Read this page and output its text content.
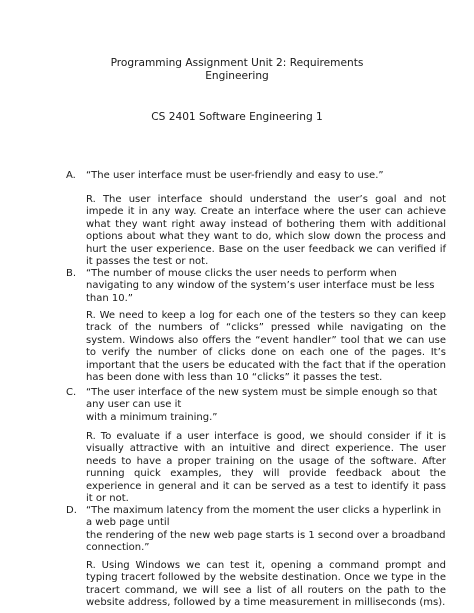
Programming Assignment Unit 2: Requirements
Engineering
CS 2401 Software Engineering 1
A. “The user interface must be user-friendly and easy to use.”
R. The user interface should understand the user’s goal and not
impede it in any way. Create an interface where the user can achieve
what they want right away instead of bothering them with additional
options about what they want to do, which slow down the process and
hurt the user experience. Base on the user feedback we can verified if
it passes the test or not.
B. “The number of mouse clicks the user needs to perform when
navigating to any window of the system’s user interface must be less
than 10.”
R. We need to keep a log for each one of the testers so they can keep
track of the numbers of “clicks” pressed while navigating on the
system. Windows also offers the “event handler” tool that we can use
to verify the number of clicks done on each one of the pages. It’s
important that the users be educated with the fact that if the operation
has been done with less than 10 “clicks” it passes the test.
C. “The user interface of the new system must be simple enough so that
any user can use it
with a minimum training.”
R. To evaluate if a user interface is good, we should consider if it is
visually attractive with an intuitive and direct experience. The user
needs to have a proper training on the usage of the software. After
running quick examples, they will provide feedback about the
experience in general and it can be served as a test to identify it pass
it or not.
D. “The maximum latency from the moment the user clicks a hyperlink in
a web page until
the rendering of the new web page starts is 1 second over a broadband
connection.”
R. Using Windows we can test it, opening a command prompt and
typing tracert followed by the website destination. Once we type in the
tracert command, we will see a list of all routers on the path to the
website address, followed by a time measurement in milliseconds (ms).
